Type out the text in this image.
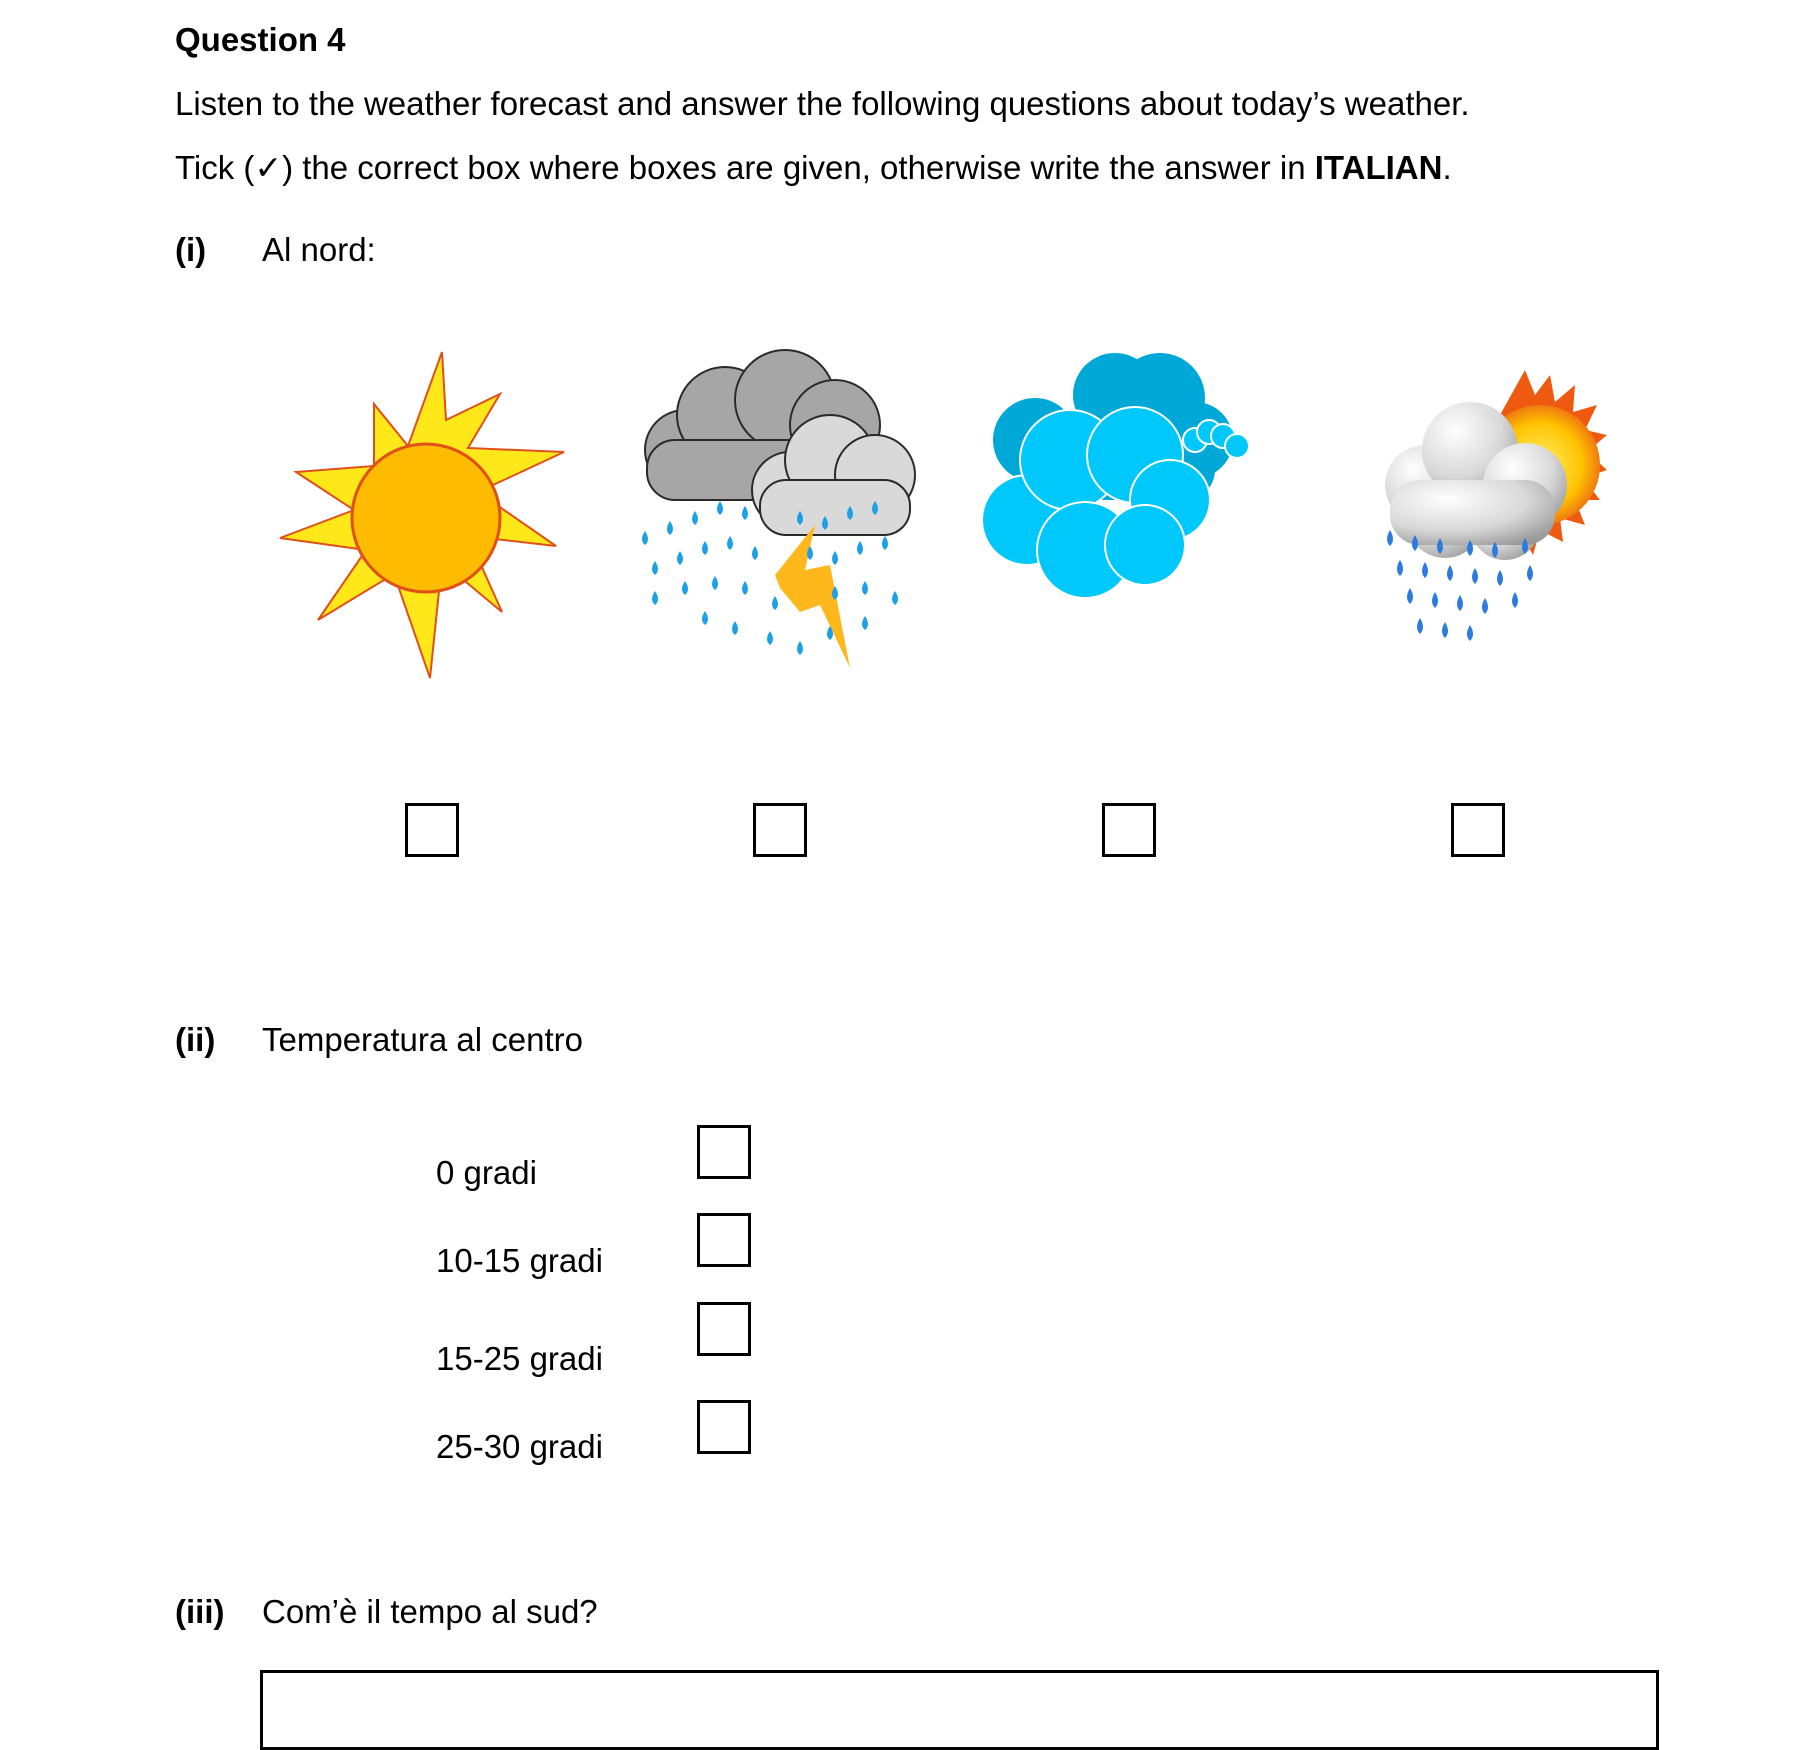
Question 4
Listen to the weather forecast and answer the following questions about today’s weather.
Tick (✓) the correct box where boxes are given, otherwise write the answer in ITALIAN.
(i) Al nord:
(ii) Temperatura al centro
0 gradi
10-15 gradi
15-25 gradi
25-30 gradi
(iii) Com’è il tempo al sud?
